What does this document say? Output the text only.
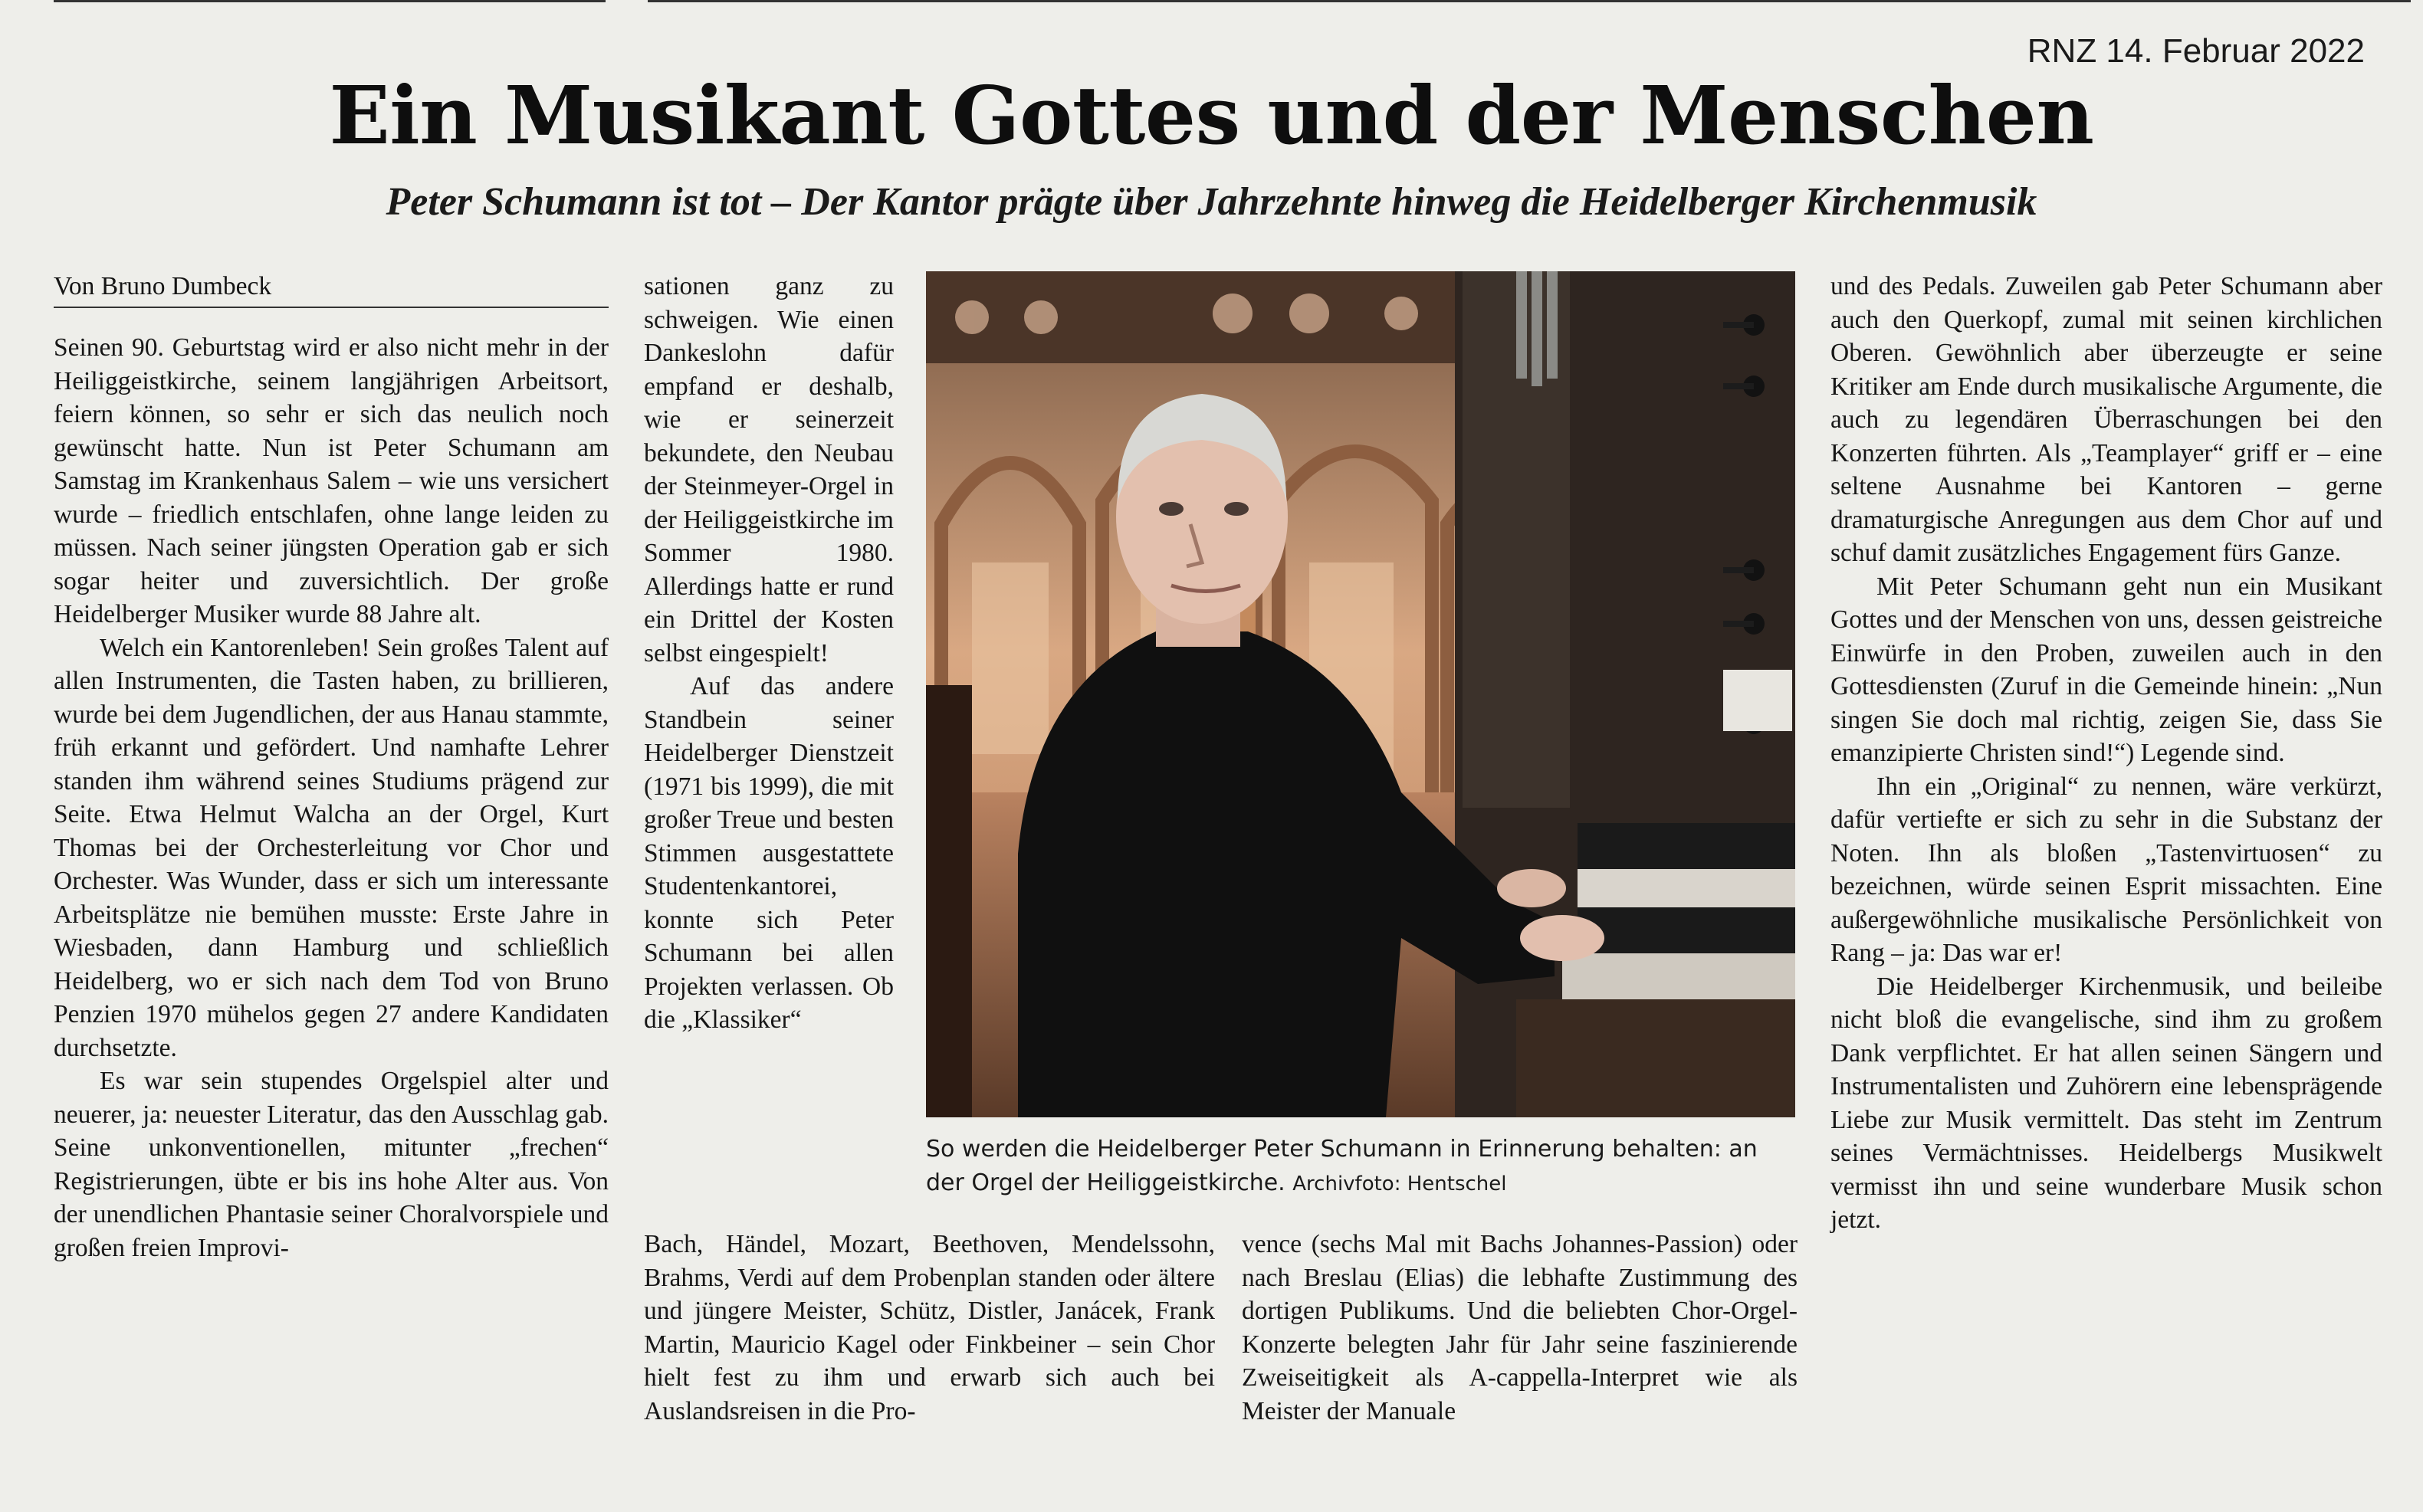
RNZ 14. Februar 2022
Ein Musikant Gottes und der Menschen
Peter Schumann ist tot – Der Kantor prägte über Jahrzehnte hinweg die Heidelberger Kirchenmusik
Von Bruno Dumbeck

Seinen 90. Geburtstag wird er also nicht mehr in der Heiliggeistkirche, seinem langjährigen Arbeitsort, feiern können, so sehr er sich das neulich noch gewünscht hatte. Nun ist Peter Schumann am Samstag im Krankenhaus Salem – wie uns versichert wurde – friedlich entschlafen, ohne lange leiden zu müssen. Nach seiner jüngsten Operation gab er sich sogar heiter und zuversichtlich. Der große Heidelberger Musiker wurde 88 Jahre alt.

Welch ein Kantorenleben! Sein großes Talent auf allen Instrumenten, die Tasten haben, zu brillieren, wurde bei dem Jugendlichen, der aus Hanau stammte, früh erkannt und gefördert. Und namhafte Lehrer standen ihm während seines Studiums prägend zur Seite. Etwa Helmut Walcha an der Orgel, Kurt Thomas bei der Orchesterleitung vor Chor und Orchester. Was Wunder, dass er sich um interessante Arbeitsplätze nie bemühen musste: Erste Jahre in Wiesbaden, dann Hamburg und schließlich Heidelberg, wo er sich nach dem Tod von Bruno Penzien 1970 mühelos gegen 27 andere Kandidaten durchsetzte.

Es war sein stupendes Orgelspiel alter und neuerer, ja: neuester Literatur, das den Ausschlag gab. Seine unkonventionellen, mitunter „frechen“ Registrierungen, übte er bis ins hohe Alter aus. Von der unendlichen Phantasie seiner Choralvorspiele und großen freien Improvi-

sationen ganz zu schweigen. Wie einen Dankeslohn dafür empfand er deshalb, wie er seinerzeit bekundete, den Neubau der Steinmeyer-Orgel in der Heiliggeistkirche im Sommer 1980. Allerdings hatte er rund ein Drittel der Kosten selbst eingespielt!

Auf das andere Standbein seiner Heidelberger Dienstzeit (1971 bis 1999), die mit großer Treue und besten Stimmen ausgestattete Studentenkantorei, konnte sich Peter Schumann bei allen Projekten verlassen. Ob die „Klassiker“

So werden die Heidelberger Peter Schumann in Erinnerung behalten: an der Orgel der Heiliggeistkirche. Archivfoto: Hentschel

Bach, Händel, Mozart, Beethoven, Mendelssohn, Brahms, Verdi auf dem Probenplan standen oder ältere und jüngere Meister, Schütz, Distler, Janácek, Frank Martin, Mauricio Kagel oder Finkbeiner – sein Chor hielt fest zu ihm und erwarb sich auch bei Auslandsreisen in die Pro-

vence (sechs Mal mit Bachs Johannes-Passion) oder nach Breslau (Elias) die lebhafte Zustimmung des dortigen Publikums. Und die beliebten Chor-Orgel-Konzerte belegten Jahr für Jahr seine faszinierende Zweiseitigkeit als A-cappella-Interpret wie als Meister der Manuale

und des Pedals. Zuweilen gab Peter Schumann aber auch den Querkopf, zumal mit seinen kirchlichen Oberen. Gewöhnlich aber überzeugte er seine Kritiker am Ende durch musikalische Argumente, die auch zu legendären Überraschungen bei den Konzerten führten. Als „Teamplayer“ griff er – eine seltene Ausnahme bei Kantoren – gerne dramaturgische Anregungen aus dem Chor auf und schuf damit zusätzliches Engagement fürs Ganze.

Mit Peter Schumann geht nun ein Musikant Gottes und der Menschen von uns, dessen geistreiche Einwürfe in den Proben, zuweilen auch in den Gottesdiensten (Zuruf in die Gemeinde hinein: „Nun singen Sie doch mal richtig, zeigen Sie, dass Sie emanzipierte Christen sind!“) Legende sind.

Ihn ein „Original“ zu nennen, wäre verkürzt, dafür vertiefte er sich zu sehr in die Substanz der Noten. Ihn als bloßen „Tastenvirtuosen“ zu bezeichnen, würde seinen Esprit missachten. Eine außergewöhnliche musikalische Persönlichkeit von Rang – ja: Das war er!

Die Heidelberger Kirchenmusik, und beileibe nicht bloß die evangelische, sind ihm zu großem Dank verpflichtet. Er hat allen seinen Sängern und Instrumentalisten und Zuhörern eine lebensprägende Liebe zur Musik vermittelt. Das steht im Zentrum seines Vermächtnisses. Heidelbergs Musikwelt vermisst ihn und seine wunderbare Musik schon jetzt.
